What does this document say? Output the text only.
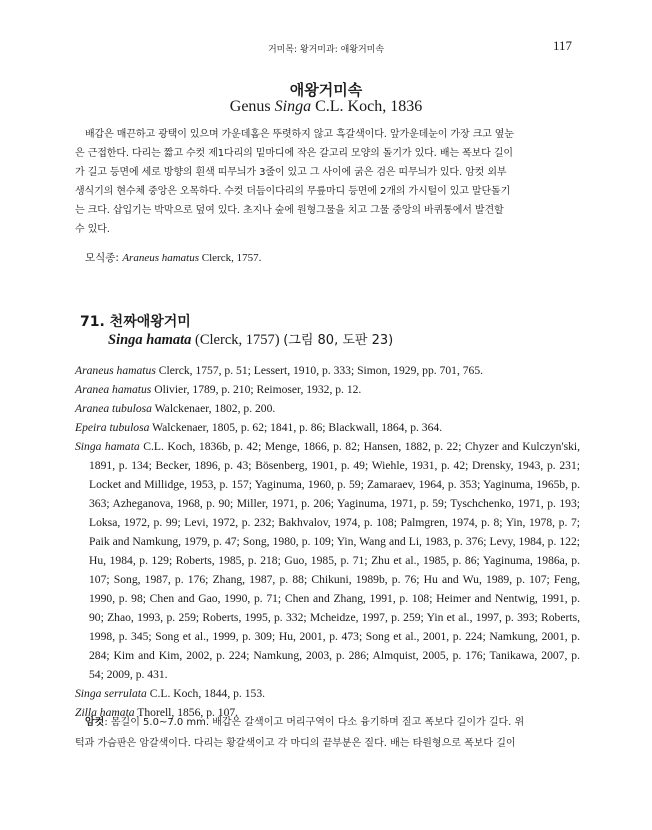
거미목: 왕거미과: 애왕거미속	117
애왕거미속
Genus Singa C.L. Koch, 1836
배갑은 매끈하고 광택이 있으며 가운데홈은 뚜렷하지 않고 흑갈색이다. 앞가운데눈이 가장 크고 옆눈
은 근접한다. 다리는 짧고 수컷 제1다리의 밑마디에 작은 갈고리 모양의 돌기가 있다. 배는 폭보다 길이
가 길고 등면에 세로 방향의 흰색 띠무늬가 3줄이 있고 그 사이에 굵은 검은 띠무늬가 있다. 암컷 외부
생식기의 현수체 중앙은 오목하다. 수컷 더듬이다리의 무릎마디 등면에 2개의 가시털이 있고 말단돌기
는 크다. 삽입기는 박막으로 덮여 있다. 초지나 숲에 원형그물을 치고 그물 중앙의 바퀴통에서 발견할
수 있다.
모식종: Araneus hamatus Clerck, 1757.
71. 천짜애왕거미
Singa hamata (Clerck, 1757) (그림 80, 도판 23)
Araneus hamatus Clerck, 1757, p. 51; Lessert, 1910, p. 333; Simon, 1929, pp. 701, 765.
Aranea hamatus Olivier, 1789, p. 210; Reimoser, 1932, p. 12.
Aranea tubulosa Walckenaer, 1802, p. 200.
Epeira tubulosa Walckenaer, 1805, p. 62; 1841, p. 86; Blackwall, 1864, p. 364.
Singa hamata C.L. Koch, 1836b, p. 42; Menge, 1866, p. 82; Hansen, 1882, p. 22; Chyzer and Kulczyn'ski, 1891, p. 134; Becker, 1896, p. 43; Bösenberg, 1901, p. 49; Wiehle, 1931, p. 42; Drensky, 1943, p. 231; Locket and Millidge, 1953, p. 157; Yaginuma, 1960, p. 59; Zamaraev, 1964, p. 353; Yaginuma, 1965b, p. 363; Azheganova, 1968, p. 90; Miller, 1971, p. 206; Yaginuma, 1971, p. 59; Tyschchenko, 1971, p. 193; Loksa, 1972, p. 99; Levi, 1972, p. 232; Bakhvalov, 1974, p. 108; Palmgren, 1974, p. 8; Yin, 1978, p. 7; Paik and Namkung, 1979, p. 47; Song, 1980, p. 109; Yin, Wang and Li, 1983, p. 376; Levy, 1984, p. 122; Hu, 1984, p. 129; Roberts, 1985, p. 218; Guo, 1985, p. 71; Zhu et al., 1985, p. 86; Yaginuma, 1986a, p. 107; Song, 1987, p. 176; Zhang, 1987, p. 88; Chikuni, 1989b, p. 76; Hu and Wu, 1989, p. 107; Feng, 1990, p. 98; Chen and Gao, 1990, p. 71; Chen and Zhang, 1991, p. 108; Heimer and Nentwig, 1991, p. 90; Zhao, 1993, p. 259; Roberts, 1995, p. 332; Mcheidze, 1997, p. 259; Yin et al., 1997, p. 393; Roberts, 1998, p. 345; Song et al., 1999, p. 309; Hu, 2001, p. 473; Song et al., 2001, p. 224; Namkung, 2001, p. 284; Kim and Kim, 2002, p. 224; Namkung, 2003, p. 286; Almquist, 2005, p. 176; Tanikawa, 2007, p. 54; 2009, p. 431.
Singa serrulata C.L. Koch, 1844, p. 153.
Zilla hamata Thorell, 1856, p. 107.
암컷: 몸길이 5.0~7.0 mm. 배갑은 갈색이고 머리구역이 다소 융기하며 짙고 폭보다 길이가 길다. 위
턱과 가슴판은 암갈색이다. 다리는 황갈색이고 각 마디의 끝부분은 짙다. 배는 타원형으로 폭보다 길이
